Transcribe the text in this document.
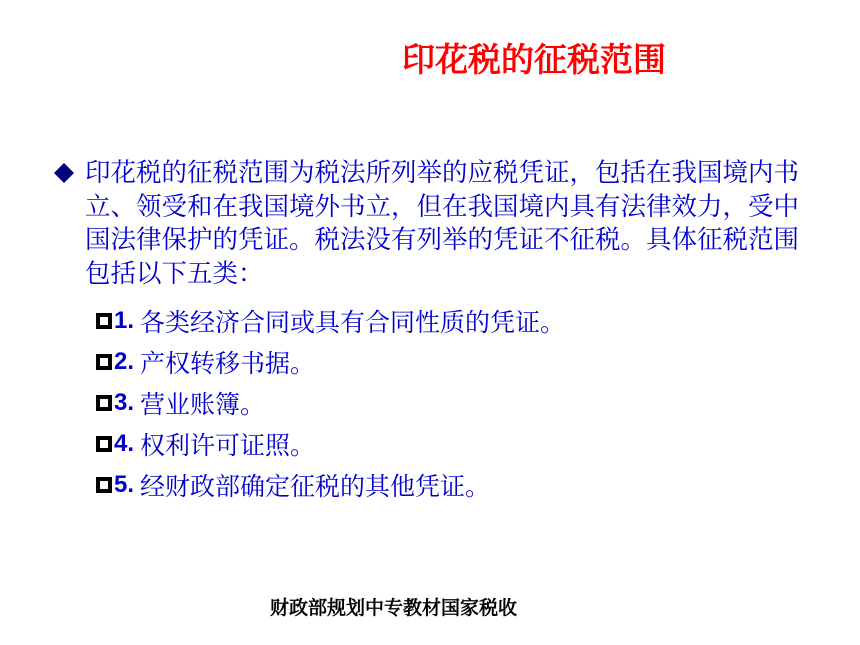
印花税的征税范围
印花税的征税范围为税法所列举的应税凭证，包括在我国境内书立、领受和在我国境外书立，但在我国境内具有法律效力，受中国法律保护的凭证。税法没有列举的凭证不征税。具体征税范围包括以下五类：
1. 各类经济合同或具有合同性质的凭证。
2. 产权转移书据。
3. 营业账簿。
4. 权利许可证照。
5. 经财政部确定征税的其他凭证。
财政部规划中专教材国家税收
